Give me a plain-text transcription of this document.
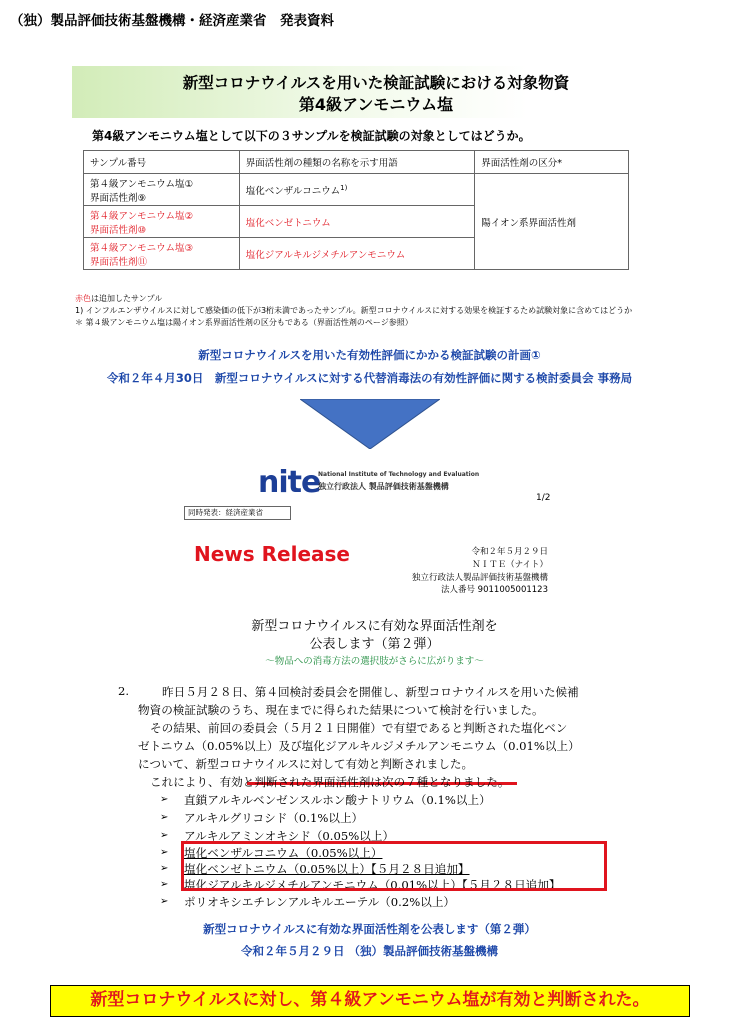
（独）製品評価技術基盤機構・経済産業省　発表資料
新型コロナウイルスを用いた検証試験における対象物資
第4級アンモニウム塩
第4級アンモニウム塩として以下の３サンプルを検証試験の対象としてはどうか。
サンプル番号	界面活性剤の種類の名称を示す用語	界面活性剤の区分*
第４級アンモニウム塩①
界面活性剤⑨	塩化ベンザルコニウム$^{1)}$	陽イオン系界面活性剤
第４級アンモニウム塩②
界面活性剤⑩	塩化ベンゼトニウム	
第４級アンモニウム塩③
界面活性剤⑪	塩化ジアルキルジメチルアンモニウム	
赤色は追加したサンプル
1) インフルエンザウイルスに対して感染価の低下が3桁未満であったサンプル。新型コロナウイルスに対する効果を検証するため試験対象に含めてはどうか
＊ 第４級アンモニウム塩は陽イオン系界面活性剤の区分もである（界面活性剤のページ参照）
新型コロナウイルスを用いた有効性評価にかかる検証試験の計画①
令和２年４月30日　新型コロナウイルスに対する代替消毒法の有効性評価に関する検討委員会 事務局
nite
National Institute of Technology and Evaluation
独立行政法人 製品評価技術基盤機構
1/2
同時発表：経済産業省
News Release	令和２年５月２９日
ＮＩＴＥ（ナイト）
独立行政法人製品評価技術基盤機構
法人番号 9011005001123
新型コロナウイルスに有効な界面活性剤を
公表します（第２弾）
～物品への消毒方法の選択肢がさらに広がります～
2.	昨日５月２８日、第４回検討委員会を開催し、新型コロナウイルスを用いた候補
物資の検証試験のうち、現在までに得られた結果について検討を行いました。
その結果、前回の委員会（５月２１日開催）で有望であると判断された塩化ベン
ゼトニウム（0.05%以上）及び塩化ジアルキルジメチルアンモニウム（0.01%以上）
について、新型コロナウイルスに対して有効と判断されました。
これにより、有効と判断された界面活性剤は次の７種となりました。
➢ 直鎖アルキルベンゼンスルホン酸ナトリウム（0.1%以上）
➢ アルキルグリコシド（0.1%以上）
➢ アルキルアミンオキシド（0.05%以上）
➢ 塩化ベンザルコニウム（0.05%以上）
➢ 塩化ベンゼトニウム（0.05%以上）【５月２８日追加】
➢ 塩化ジアルキルジメチルアンモニウム（0.01%以上）【５月２８日追加】
➢ ポリオキシエチレンアルキルエーテル（0.2%以上）
新型コロナウイルスに有効な界面活性剤を公表します（第２弾）
令和２年５月２９日 （独）製品評価技術基盤機構
新型コロナウイルスに対し、第４級アンモニウム塩が有効と判断された。
